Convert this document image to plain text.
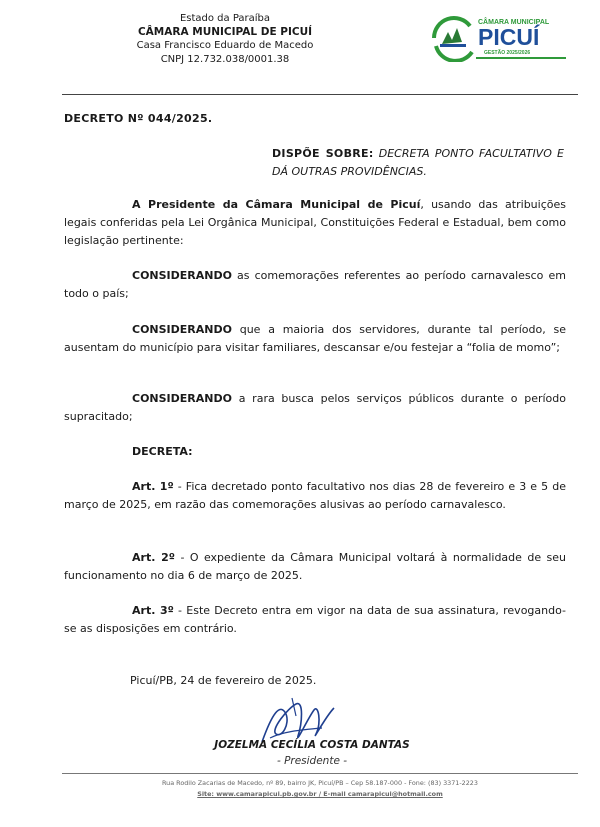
Estado da Paraíba
CÂMARA MUNICIPAL DE PICUÍ
Casa Francisco Eduardo de Macedo
CNPJ 12.732.038/0001.38
CÂMARA MUNICIPAL
PICUÍ
GESTÃO 2025/2026
DECRETO Nº 044/2025.
DISPÕE SOBRE: DECRETA PONTO FACULTATIVO E DÁ OUTRAS PROVIDÊNCIAS.
A Presidente da Câmara Municipal de Picuí, usando das atribuições legais conferidas pela Lei Orgânica Municipal, Constituições Federal e Estadual, bem como legislação pertinente:
CONSIDERANDO as comemorações referentes ao período carnavalesco em todo o país;
CONSIDERANDO que a maioria dos servidores, durante tal período, se ausentam do município para visitar familiares, descansar e/ou festejar a “folia de momo”;
CONSIDERANDO a rara busca pelos serviços públicos durante o período supracitado;
DECRETA:
Art. 1º - Fica decretado ponto facultativo nos dias 28 de fevereiro e 3 e 5 de março de 2025, em razão das comemorações alusivas ao período carnavalesco.
Art. 2º - O expediente da Câmara Municipal voltará à normalidade de seu funcionamento no dia 6 de março de 2025.
Art. 3º - Este Decreto entra em vigor na data de sua assinatura, revogando-se as disposições em contrário.
Picuí/PB, 24 de fevereiro de 2025.
JOZELMA CECÍLIA COSTA DANTAS
- Presidente -
Rua Rodilo Zacarias de Macedo, nº 89, bairro JK, Picuí/PB – Cep 58.187-000 - Fone: (83) 3371-2223
Site: www.camarapicui.pb.gov.br / E-mail camarapicui@hotmail.com
